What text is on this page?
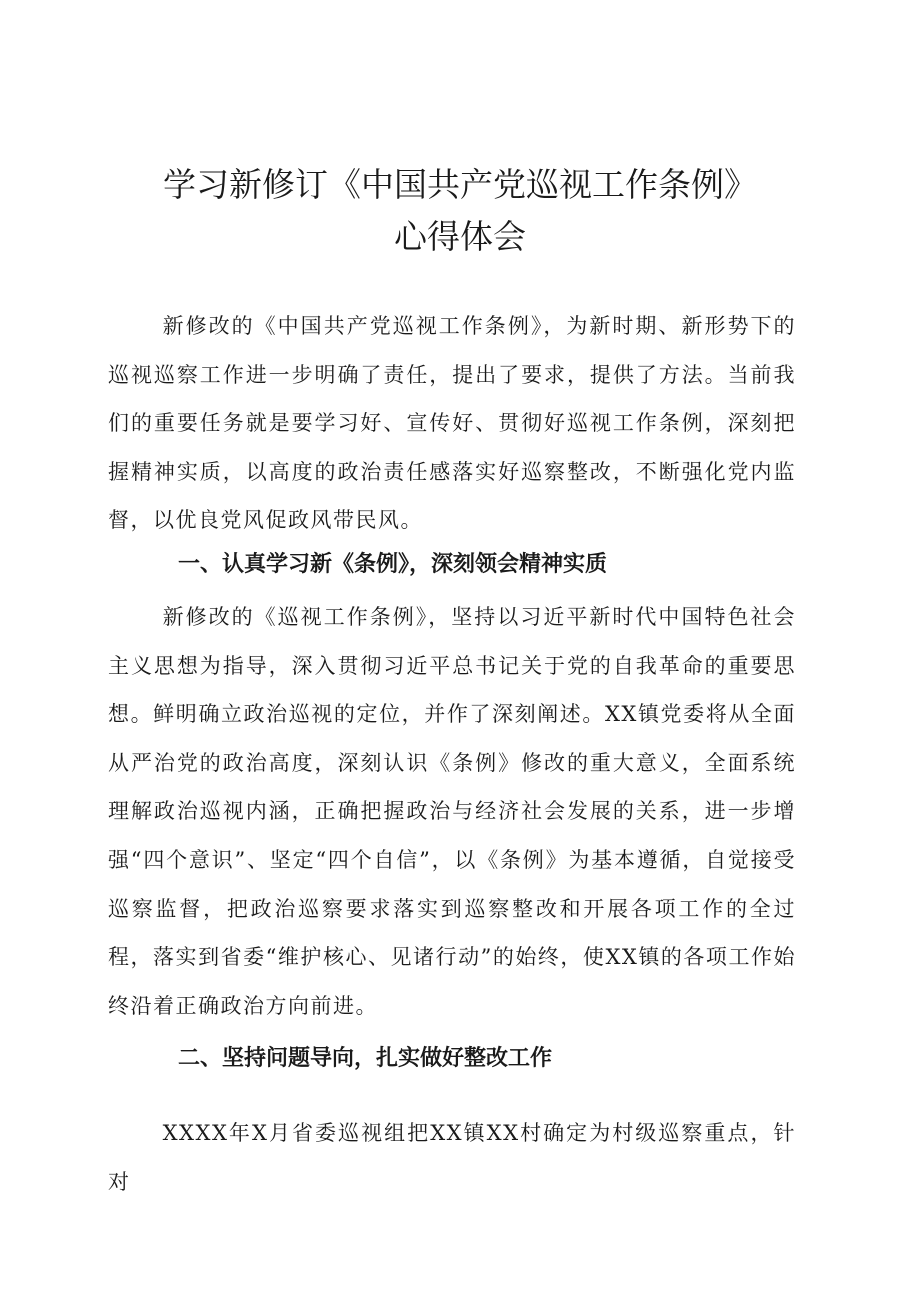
学习新修订《中国共产党巡视工作条例》
心得体会

新修改的《中国共产党巡视工作条例》，为新时期、新形势下的巡视巡察工作进一步明确了责任，提出了要求，提供了方法。当前我们的重要任务就是要学习好、宣传好、贯彻好巡视工作条例，深刻把握精神实质，以高度的政治责任感落实好巡察整改，不断强化党内监督，以优良党风促政风带民风。

一、认真学习新《条例》，深刻领会精神实质

新修改的《巡视工作条例》，坚持以习近平新时代中国特色社会主义思想为指导，深入贯彻习近平总书记关于党的自我革命的重要思想。鲜明确立政治巡视的定位，并作了深刻阐述。XX镇党委将从全面从严治党的政治高度，深刻认识《条例》修改的重大意义，全面系统理解政治巡视内涵，正确把握政治与经济社会发展的关系，进一步增强“四个意识”、坚定“四个自信”，以《条例》为基本遵循，自觉接受巡察监督，把政治巡察要求落实到巡察整改和开展各项工作的全过程，落实到省委“维护核心、见诸行动”的始终，使XX镇的各项工作始终沿着正确政治方向前进。

二、坚持问题导向，扎实做好整改工作

XXXX年X月省委巡视组把XX镇XX村确定为村级巡察重点，针对
